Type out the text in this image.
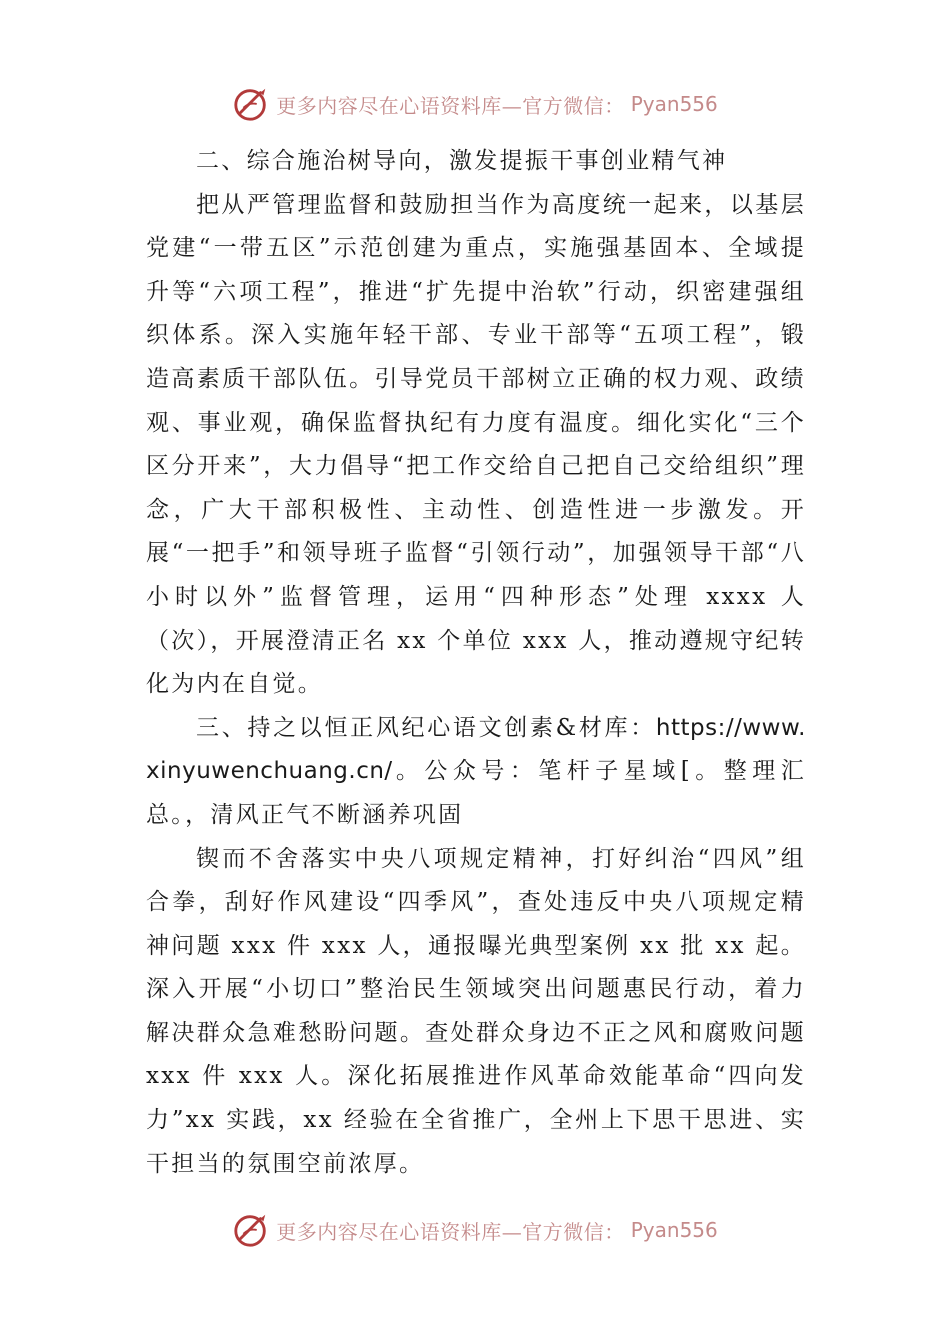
更多内容尽在心语资料库—官方微信： Pyan556

二、综合施治树导向，激发提振干事创业精气神

把从严管理监督和鼓励担当作为高度统一起来，以基层党建“一带五区”示范创建为重点，实施强基固本、全域提升等“六项工程”，推进“扩先提中治软”行动，织密建强组织体系。深入实施年轻干部、专业干部等“五项工程”，锻造高素质干部队伍。引导党员干部树立正确的权力观、政绩观、事业观，确保监督执纪有力度有温度。细化实化“三个区分开来”，大力倡导“把工作交给自己把自己交给组织”理念，广大干部积极性、主动性、创造性进一步激发。开展“一把手”和领导班子监督“引领行动”，加强领导干部“八小时以外”监督管理，运用“四种形态”处理 xxxx 人（次），开展澄清正名 xx 个单位 xxx 人，推动遵规守纪转化为内在自觉。

三、持之以恒正风纪心语文创素&材库：https://www.xinyuwenchuang.cn/。公众号：笔杆子星域[。整理汇总。，清风正气不断涵养巩固

锲而不舍落实中央八项规定精神，打好纠治“四风”组合拳，刮好作风建设“四季风”，查处违反中央八项规定精神问题 xxx 件 xxx 人，通报曝光典型案例 xx 批 xx 起。深入开展“小切口”整治民生领域突出问题惠民行动，着力解决群众急难愁盼问题。查处群众身边不正之风和腐败问题 xxx 件 xxx 人。深化拓展推进作风革命效能革命“四向发力”xx 实践，xx 经验在全省推广，全州上下思干思进、实干担当的氛围空前浓厚。

更多内容尽在心语资料库—官方微信： Pyan556
